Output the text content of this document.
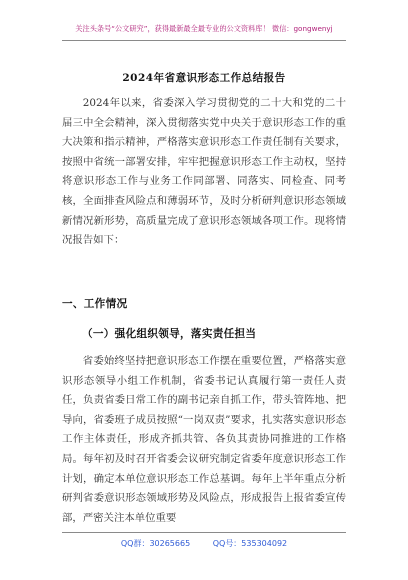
关注头条号“公文研究”，获得最新最全最专业的公文资料库！ 微信：gongwenyj
2024年省意识形态工作总结报告
2024年以来，省委深入学习贯彻党的二十大和党的二十届三中全会精神，深入贯彻落实党中央关于意识形态工作的重大决策和指示精神，严格落实意识形态工作责任制有关要求，按照中省统一部署安排，牢牢把握意识形态工作主动权，坚持将意识形态工作与业务工作同部署、同落实、同检查、同考核，全面排查风险点和薄弱环节，及时分析研判意识形态领域新情况新形势，高质量完成了意识形态领域各项工作。现将情况报告如下：
一、工作情况
（一）强化组织领导，落实责任担当
省委始终坚持把意识形态工作摆在重要位置，严格落实意识形态领导小组工作机制，省委书记认真履行第一责任人责任，负责省委日常工作的副书记亲自抓工作，带头管阵地、把导向，省委班子成员按照“一岗双责”要求，扎实落实意识形态工作主体责任，形成齐抓共管、各负其责协同推进的工作格局。每年初及时召开省委会议研究制定省委年度意识形态工作计划，确定本单位意识形态工作总基调。每年上半年重点分析研判省委意识形态领域形势及风险点，形成报告上报省委宣传部，严密关注本单位重要
QQ群：30265665	QQ号：535304092
